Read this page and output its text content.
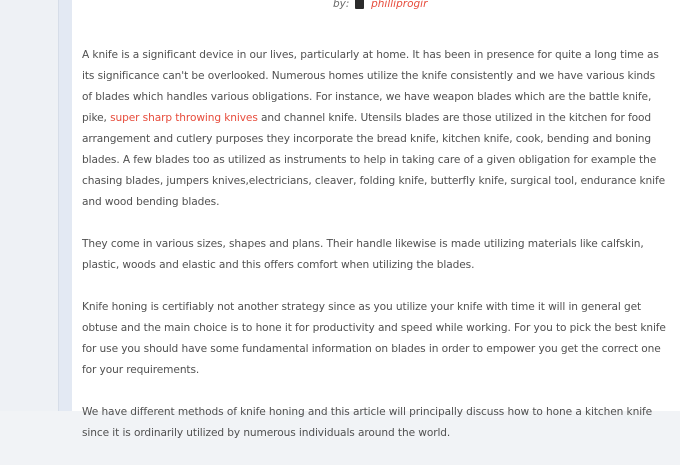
by: philliprogir

A knife is a significant device in our lives, particularly at home. It has been in presence for quite a long time as its significance can't be overlooked. Numerous homes utilize the knife consistently and we have various kinds of blades which handles various obligations. For instance, we have weapon blades which are the battle knife, pike, super sharp throwing knives and channel knife. Utensils blades are those utilized in the kitchen for food arrangement and cutlery purposes they incorporate the bread knife, kitchen knife, cook, bending and boning blades. A few blades too as utilized as instruments to help in taking care of a given obligation for example the chasing blades, jumpers knives,electricians, cleaver, folding knife, butterfly knife, surgical tool, endurance knife and wood bending blades.

They come in various sizes, shapes and plans. Their handle likewise is made utilizing materials like calfskin, plastic, woods and elastic and this offers comfort when utilizing the blades.

Knife honing is certifiably not another strategy since as you utilize your knife with time it will in general get obtuse and the main choice is to hone it for productivity and speed while working. For you to pick the best knife for use you should have some fundamental information on blades in order to empower you get the correct one for your requirements.

We have different methods of knife honing and this article will principally discuss how to hone a kitchen knife since it is ordinarily utilized by numerous individuals around the world.
